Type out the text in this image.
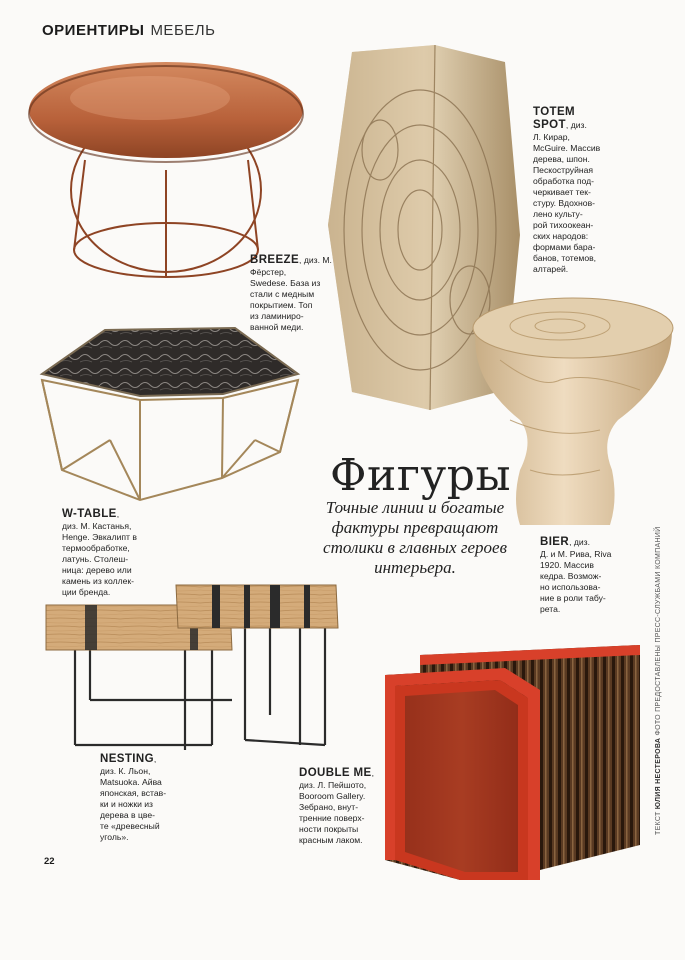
ОРИЕНТИРЫ МЕБЕЛЬ
BREEZE, диз. М. Фёрстер,
Swedese. База из
стали с медным
покрытием. Топ
из ламиниро-
ванной меди.
TOTEM
SPOT, диз.
Л. Кирар,
McGuire. Массив
дерева, шпон.
Пескоструйная
обработка под-
черкивает тек-
стуру. Вдохнов-
лено культу-
рой тихоокеан-
ских народов:
формами бара-
банов, тотемов,
алтарей.
W-TABLE,
диз. М. Кастанья,
Henge. Эвкалипт в
термообработке,
латунь. Столеш-
ница: дерево или
камень из коллек-
ции бренда.
Фигуры
Точные линии и богатые фактуры превращают столики в главных героев интерьера.
BIER, диз.
Д. и М. Рива, Riva
1920. Массив
кедра. Возмож-
но использова-
ние в роли табу-
рета.
NESTING,
диз. К. Льон,
Matsuoka. Айва
японская, встав-
ки и ножки из
дерева в цве-
те «древесный
уголь».
DOUBLE ME,
диз. Л. Пейшото,
Booroom Gallery.
Зебрано, внут-
тренние поверх-
ности покрыты
красным лаком.
22
ТЕКСТ ЮЛИЯ НЕСТЕРОВА ФОТО ПРЕДОСТАВЛЕНЫ ПРЕСС-СЛУЖБАМИ КОМПАНИЙ
